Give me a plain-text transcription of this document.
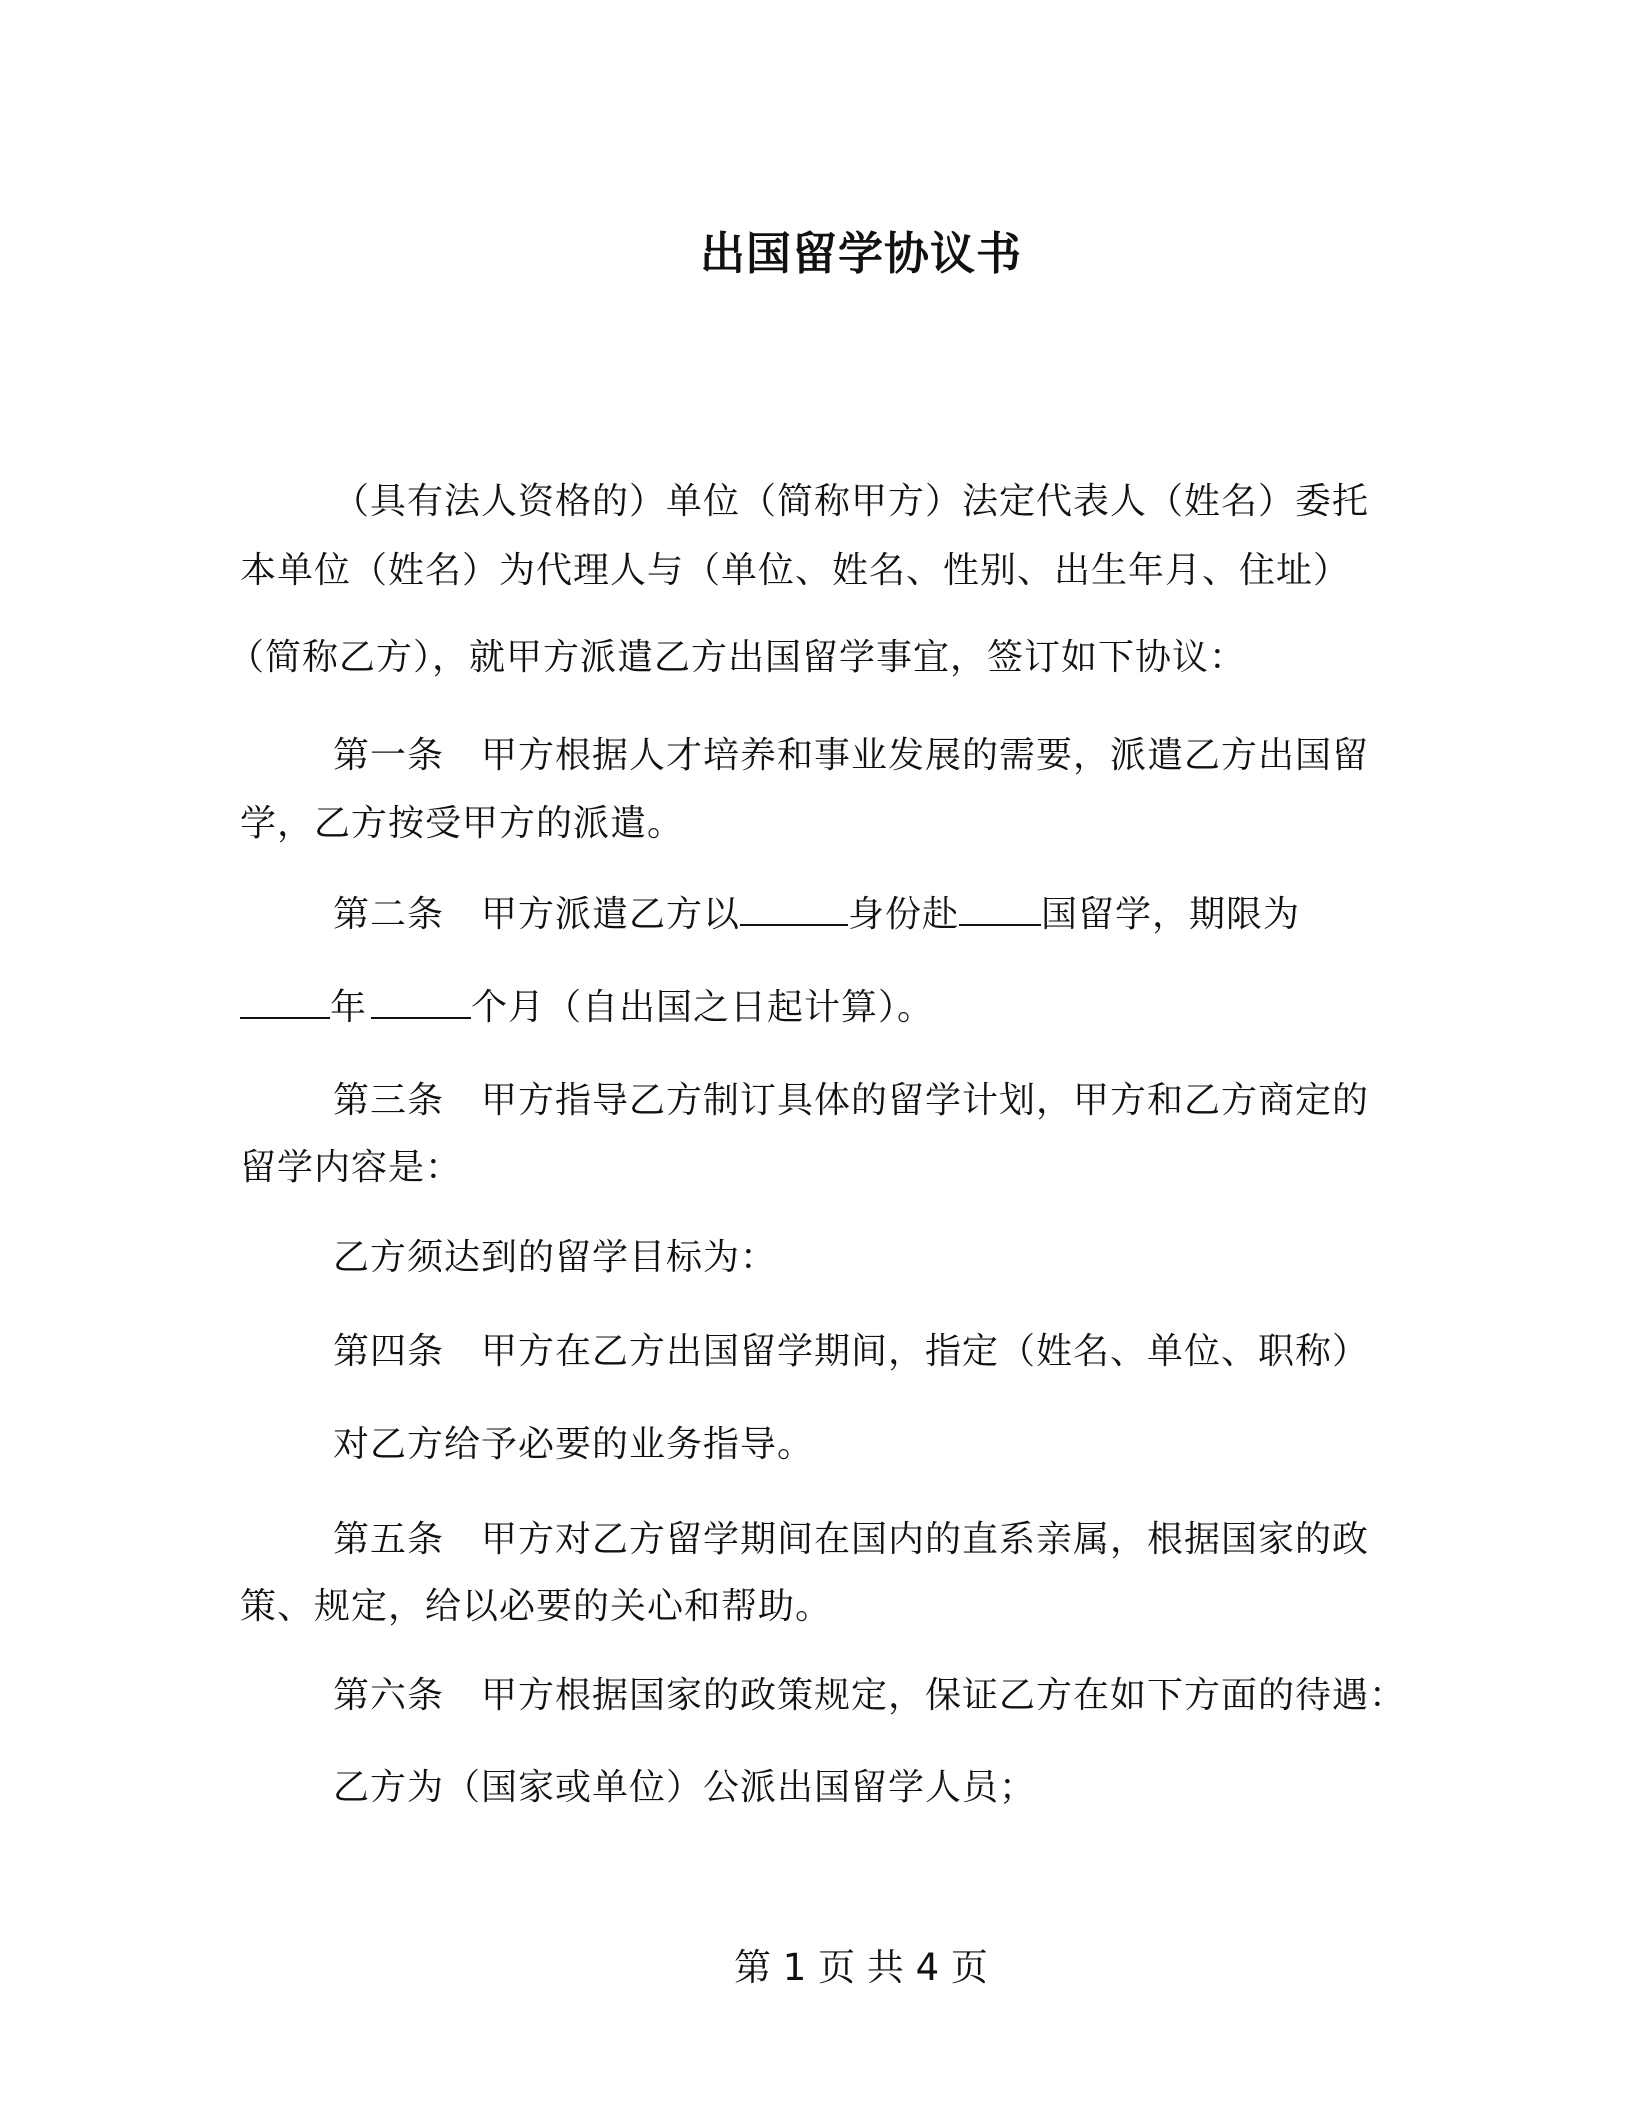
出国留学协议书
（具有法人资格的）单位（简称甲方）法定代表人（姓名）委托
本单位（姓名）为代理人与（单位、姓名、性别、出生年月、住址）
（简称乙方），就甲方派遣乙方出国留学事宜，签订如下协议：
第一条　甲方根据人才培养和事业发展的需要，派遣乙方出国留
学，乙方按受甲方的派遣。
第二条　甲方派遣乙方以	身份赴 国留学，期限为
年	个月（自出国之日起计算）。
第三条　甲方指导乙方制订具体的留学计划，甲方和乙方商定的
留学内容是：
乙方须达到的留学目标为：
第四条　甲方在乙方出国留学期间，指定（姓名、单位、职称）
对乙方给予必要的业务指导。
第五条　甲方对乙方留学期间在国内的直系亲属，根据国家的政
策、规定，给以必要的关心和帮助。
第六条　甲方根据国家的政策规定，保证乙方在如下方面的待遇：
乙方为（国家或单位）公派出国留学人员；
第 1 页 共 4 页
